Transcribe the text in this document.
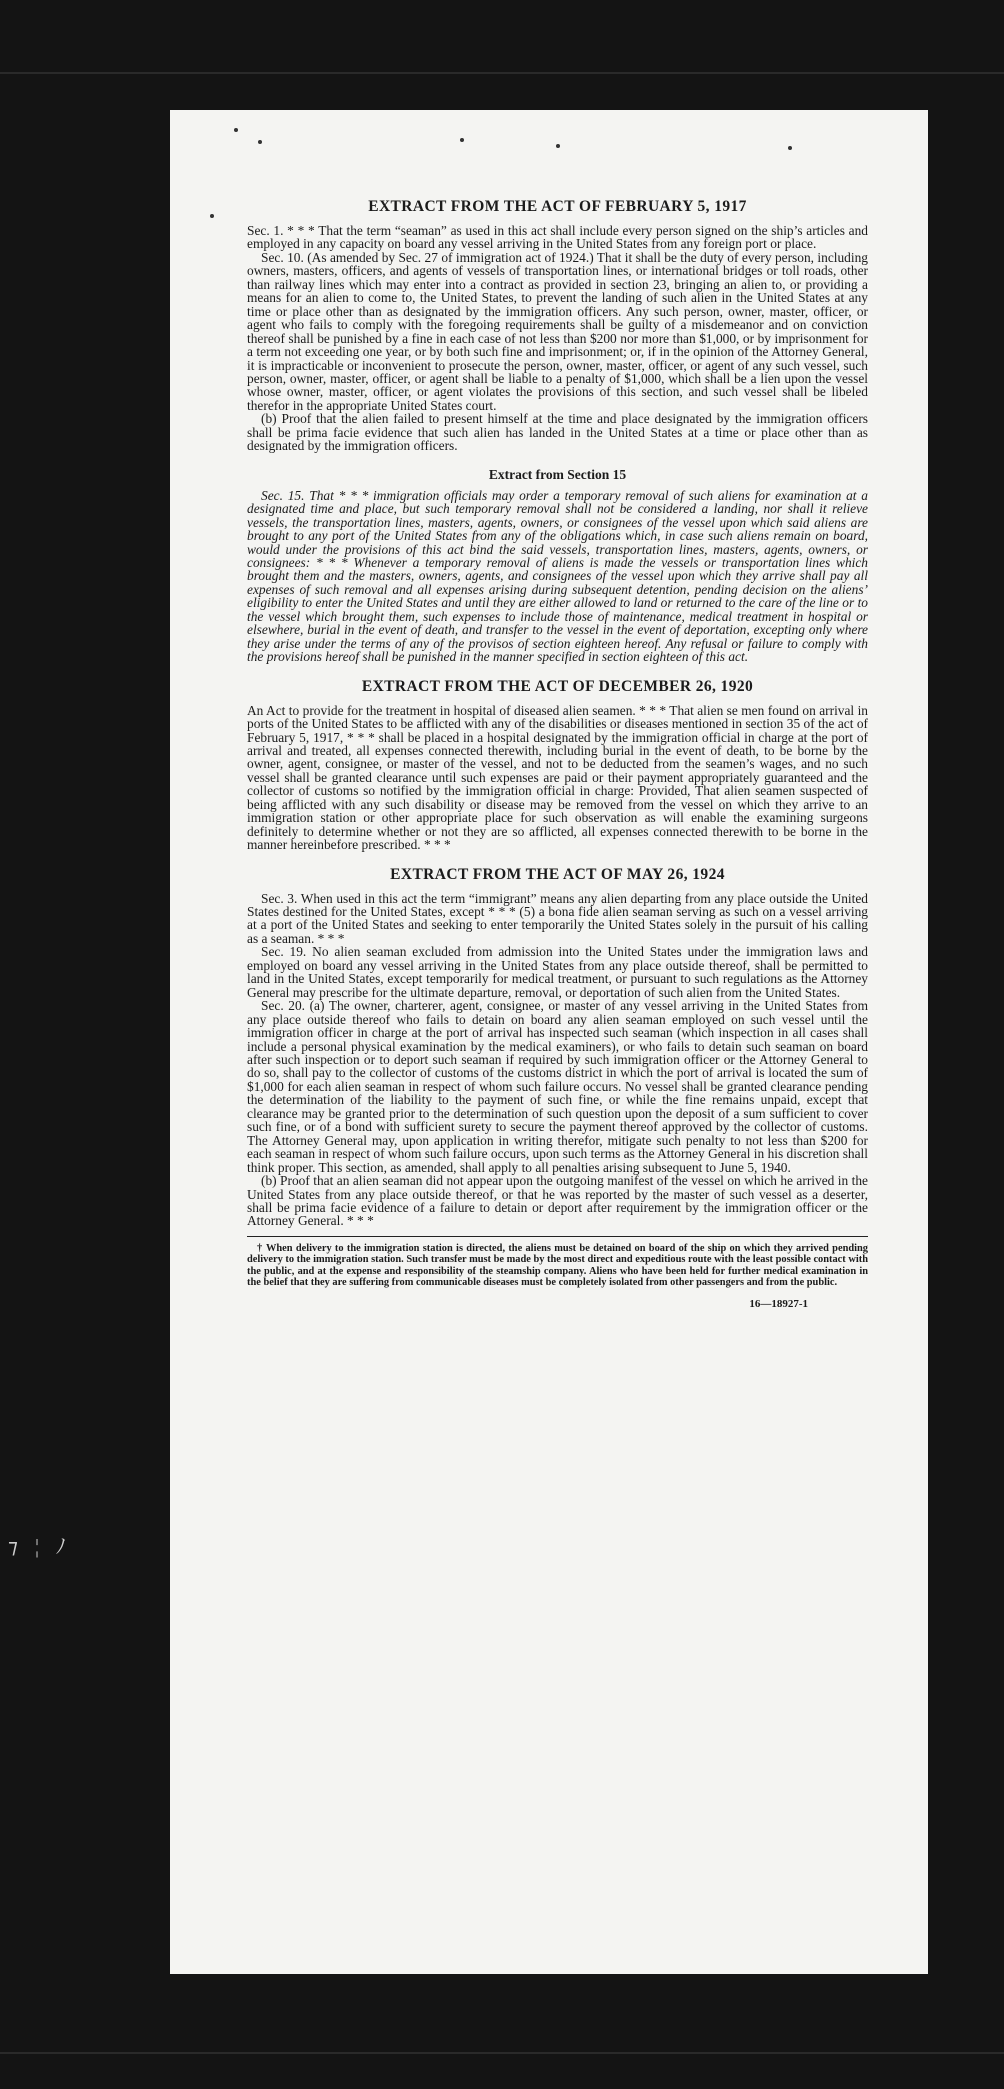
⁊ ¦ ﾉ
EXTRACT FROM THE ACT OF FEBRUARY 5, 1917

Sec. 1. * * * That the term “seaman” as used in this act shall include every person signed on the ship’s articles and employed in any capacity on board any vessel arriving in the United States from any foreign port or place.

Sec. 10. (As amended by Sec. 27 of immigration act of 1924.) That it shall be the duty of every person, including owners, masters, officers, and agents of vessels of transportation lines, or international bridges or toll roads, other than railway lines which may enter into a contract as provided in section 23, bringing an alien to, or providing a means for an alien to come to, the United States, to prevent the landing of such alien in the United States at any time or place other than as designated by the immigration officers. Any such person, owner, master, officer, or agent who fails to comply with the foregoing requirements shall be guilty of a misdemeanor and on conviction thereof shall be punished by a fine in each case of not less than $200 nor more than $1,000, or by imprisonment for a term not exceeding one year, or by both such fine and imprisonment; or, if in the opinion of the Attorney General, it is impracticable or inconvenient to prosecute the person, owner, master, officer, or agent of any such vessel, such person, owner, master, officer, or agent shall be liable to a penalty of $1,000, which shall be a lien upon the vessel whose owner, master, officer, or agent violates the provisions of this section, and such vessel shall be libeled therefor in the appropriate United States court.

(b) Proof that the alien failed to present himself at the time and place designated by the immigration officers shall be prima facie evidence that such alien has landed in the United States at a time or place other than as designated by the immigration officers.

Extract from Section 15

Sec. 15. That * * * immigration officials may order a temporary removal of such aliens for examination at a designated time and place, but such temporary removal shall not be considered a landing, nor shall it relieve vessels, the transportation lines, masters, agents, owners, or consignees of the vessel upon which said aliens are brought to any port of the United States from any of the obligations which, in case such aliens remain on board, would under the provisions of this act bind the said vessels, transportation lines, masters, agents, owners, or consignees: * * * Whenever a temporary removal of aliens is made the vessels or transportation lines which brought them and the masters, owners, agents, and consignees of the vessel upon which they arrive shall pay all expenses of such removal and all expenses arising during subsequent detention, pending decision on the aliens’ eligibility to enter the United States and until they are either allowed to land or returned to the care of the line or to the vessel which brought them, such expenses to include those of maintenance, medical treatment in hospital or elsewhere, burial in the event of death, and transfer to the vessel in the event of deportation, excepting only where they arise under the terms of any of the provisos of section eighteen hereof. Any refusal or failure to comply with the provisions hereof shall be punished in the manner specified in section eighteen of this act.

EXTRACT FROM THE ACT OF DECEMBER 26, 1920

An Act to provide for the treatment in hospital of diseased alien seamen. * * * That alien se men found on arrival in ports of the United States to be afflicted with any of the disabilities or diseases mentioned in section 35 of the act of February 5, 1917, * * * shall be placed in a hospital designated by the immigration official in charge at the port of arrival and treated, all expenses connected therewith, including burial in the event of death, to be borne by the owner, agent, consignee, or master of the vessel, and not to be deducted from the seamen’s wages, and no such vessel shall be granted clearance until such expenses are paid or their payment appropriately guaranteed and the collector of customs so notified by the immigration official in charge: Provided, That alien seamen suspected of being afflicted with any such disability or disease may be removed from the vessel on which they arrive to an immigration station or other appropriate place for such observation as will enable the examining surgeons definitely to determine whether or not they are so afflicted, all expenses connected therewith to be borne in the manner hereinbefore prescribed. * * *

EXTRACT FROM THE ACT OF MAY 26, 1924

Sec. 3. When used in this act the term “immigrant” means any alien departing from any place outside the United States destined for the United States, except * * * (5) a bona fide alien seaman serving as such on a vessel arriving at a port of the United States and seeking to enter temporarily the United States solely in the pursuit of his calling as a seaman. * * *

Sec. 19. No alien seaman excluded from admission into the United States under the immigration laws and employed on board any vessel arriving in the United States from any place outside thereof, shall be permitted to land in the United States, except temporarily for medical treatment, or pursuant to such regulations as the Attorney General may prescribe for the ultimate departure, removal, or deportation of such alien from the United States.

Sec. 20. (a) The owner, charterer, agent, consignee, or master of any vessel arriving in the United States from any place outside thereof who fails to detain on board any alien seaman employed on such vessel until the immigration officer in charge at the port of arrival has inspected such seaman (which inspection in all cases shall include a personal physical examination by the medical examiners), or who fails to detain such seaman on board after such inspection or to deport such seaman if required by such immigration officer or the Attorney General to do so, shall pay to the collector of customs of the customs district in which the port of arrival is located the sum of $1,000 for each alien seaman in respect of whom such failure occurs. No vessel shall be granted clearance pending the determination of the liability to the payment of such fine, or while the fine remains unpaid, except that clearance may be granted prior to the determination of such question upon the deposit of a sum sufficient to cover such fine, or of a bond with sufficient surety to secure the payment thereof approved by the collector of customs. The Attorney General may, upon application in writing therefor, mitigate such penalty to not less than $200 for each seaman in respect of whom such failure occurs, upon such terms as the Attorney General in his discretion shall think proper. This section, as amended, shall apply to all penalties arising subsequent to June 5, 1940.

(b) Proof that an alien seaman did not appear upon the outgoing manifest of the vessel on which he arrived in the United States from any place outside thereof, or that he was reported by the master of such vessel as a deserter, shall be prima facie evidence of a failure to detain or deport after requirement by the immigration officer or the Attorney General. * * *

† When delivery to the immigration station is directed, the aliens must be detained on board of the ship on which they arrived pending delivery to the immigration station. Such transfer must be made by the most direct and expeditious route with the least possible contact with the public, and at the expense and responsibility of the steamship company. Aliens who have been held for further medical examination in the belief that they are suffering from communicable diseases must be completely isolated from other passengers and from the public.

16—18927-1
